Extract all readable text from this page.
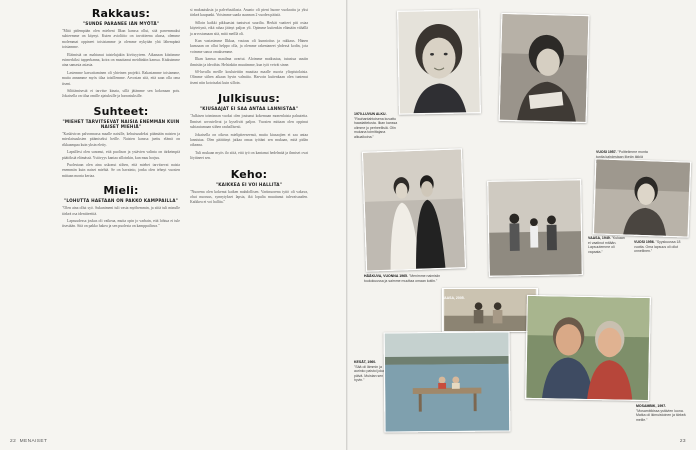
Rakkaus:
"SUNDE PARANEE IÄN MYÖTÄ"

"Mitä pidempään olen mieheni Ilkan kanssa ollut, sitä parremmaksi suhteemme on käynyt. Kuten avioliitto on tavoitteena alussa, olemme molemmat oppineet toisistamme ja olemme nykyään yhä lähempänä toisiamme.

Eläimistä on mahtunut taistelujakin kiviisyyteen. Aikanaan kiistimme esimerkiksi tupperkanna, koira on muuttanut meidänkin kanssa. Kiukuimme aina samasta asiasta.

Lastemme kasvattaminen oli yhteinen projekti. Rakastamme toisiamme, mutta annamme myös tilaa toisillemme. Arvostan sitä, että saan olla oma itseni.

Silittämisestä ei tarvitse kinata, sillä jätämme sen kokonaan pois. Jokaisella on tilaa omille ajatuksille ja harrastuksille.

Suhteet:
"MIEHET TARVITSEVAT NAISIA ENEMMÄN KUIN NAISET MIEHIÄ"

"Kaskiviron palvonnassa maalle naisille, kehuisuudeksi pitämään naisten ja mieslaisuuksien pitämiseksi heille. Naisten kanssa jaettu elämä on rikkaampaa kuin yksin eletty.

Lapsillesi olen sanonut, että puolison ja ystävien valinta on tärkeimpiä päätöksiä elämässä. Ystävyys kantaa silloinkin, kun muu horjuu.

Puolestaan olen aina uskonut siihen, että miehet tarvitsevat naisia enemmän kuin naiset miehiä. Se on havainto, jonka olen tehnyt vuosien mittaan monta kertaa.

Mieli:
"LOHUTTA HAETAAN ON PAKKO KAMPPAILLA"

"Olen aina ollut syö. Sukunimeni tuli vasta myöhemmin, ja siitä tuli minulle tärkeä osa identiteettiä.

Lapsuudessa joskus oli vaikeaa, mutta opin jo varhain, että lohtua ei tule itsestään. Sitä on pakko hakea ja sen puolesta on kamppailtava."

si mukautuksia ja palvelustilasta. Asunto oli pieni huone vuokrattu ja yksi tärkeä kaupunki. Voisimme saada asunnon 2 vuoden päästä.

Silloin kaikki pikkuasiat tuntuivat suurilta. Herkät vaatteet piti ostaa käytettynä, eikä rahaa jäänyt paljon yli. Opimme kuitenkin elämään vähällä ja arvostamaan sitä, mitä meillä oli.

Kun vastasimme Ilkkaa, vastaus oli kunnioitus ja rakkaus. Hänen kanssaan on ollut helppo olla, ja olemme rakentaneet yhdessä kodin, jota voimme sanoa omaksemme.

Ilkan kanssa maailma avartui. Aloimme matkustaa, tutustua uusiin ihmisiin ja ideoihin. Helsinkiin muutimme, kun työt veivät sinne.

60-luvulla meille koulutettiin muuttaa maalle nuoria yliopistolaisia. Olimme siihen aikaan hyvin valmiita. Harvoin kuitenkaan olen tuntenut itseni niin kotoisaksi kuin silloin.

Julkisuus:
"KIUSAAJAT EI SAA ANTAA LANNISTAA"

"Julkisen toiminnan vuoksi olen joutunut kokemaan monenlaista palautetta. Ihmiset arvostelivat ja kyselivät paljon. Vuosien mittaan olen oppinut suhtautumaan siihen rauhallisesti.

Jokaisella on oikeus mielipiteeseensä, mutta kiusaajien ei saa antaa lannistaa. Olen päättänyt jatkaa omaa työtäni sen mukaan, mitä pidän oikeana.

Tuli mukaan myös ilo siitä, että työ on kantanut hedelmää ja ihmiset ovat löytäneet sen.

Keho:
"KAIKKEA EI VOI HALLITA"

"Nuorena olen kokenut kaiken mahdollisen. Vartinuorena tyttö oli vakava, ohut nuoruus, synnytykset lapsia, ikä lopulta muuttanut tulevaisuuden. Kaikkea ei voi hallita."

22 MENAISET
1970-LUVUN ALKU. "Rauhantahtoisena kuvattu haastattelusta. Ilkan kanssa olimme jo perheellisiä. Olin mukana toimittajana alkuaikoina."
VUOSI 1957. "Polttelimme monta tuntia kahdestaan ilkeän äkkiä
HÄÄKUVA, VUONNA 1965. "Menimme naimisiin toukokuussa ja saimme muuttaa omaan kotiin."
VAASA, 1949. "Kukaan ei vaatinut mitään. Lapsuutemme oli vapaata."
VUOSI 1956. "Syyskuussa 18 vuotta. Oma lapsuus oli ollut onnellinen."
VAASA, 2005.
KESÄT, 1960. "Sää oli lämmin ja aurinko paistoi joka päivä. Muistan sen hyvin."
MOSAMBIK, 1997. "Mosambikissa ystävien luona. Matka oli ikimuistoinen ja tärkeä meille."
23
